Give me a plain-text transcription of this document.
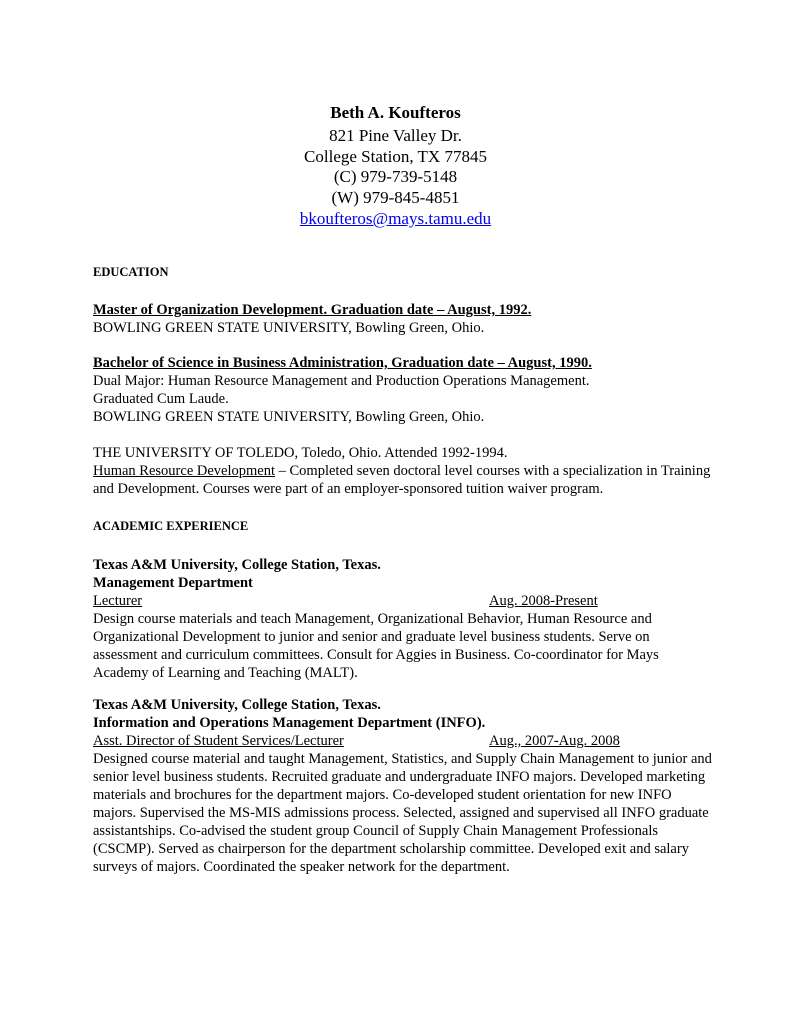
Beth A. Koufteros
821 Pine Valley Dr.
College Station, TX 77845
(C) 979-739-5148
(W) 979-845-4851
bkoufteros@mays.tamu.edu
EDUCATION

Master of Organization Development. Graduation date – August, 1992.

BOWLING GREEN STATE UNIVERSITY, Bowling Green, Ohio.

Bachelor of Science in Business Administration, Graduation date – August, 1990.

Dual Major: Human Resource Management and Production Operations Management.

Graduated Cum Laude.

BOWLING GREEN STATE UNIVERSITY, Bowling Green, Ohio.

THE UNIVERSITY OF TOLEDO, Toledo, Ohio. Attended 1992-1994.

Human Resource Development – Completed seven doctoral level courses with a specialization in Training and Development. Courses were part of an employer-sponsored tuition waiver program.

ACADEMIC EXPERIENCE

Texas A&M University, College Station, Texas.

Management Department

Lecturer	Aug. 2008-Present

Design course materials and teach Management, Organizational Behavior, Human Resource and Organizational Development to junior and senior and graduate level business students. Serve on assessment and curriculum committees. Consult for Aggies in Business. Co-coordinator for Mays Academy of Learning and Teaching (MALT).

Texas A&M University, College Station, Texas.

Information and Operations Management Department (INFO).

Asst. Director of Student Services/Lecturer	Aug., 2007-Aug. 2008

Designed course material and taught Management, Statistics, and Supply Chain Management to junior and senior level business students. Recruited graduate and undergraduate INFO majors. Developed marketing materials and brochures for the department majors. Co-developed student orientation for new INFO majors. Supervised the MS-MIS admissions process. Selected, assigned and supervised all INFO graduate assistantships. Co-advised the student group Council of Supply Chain Management Professionals (CSCMP). Served as chairperson for the department scholarship committee. Developed exit and salary surveys of majors. Coordinated the speaker network for the department.
